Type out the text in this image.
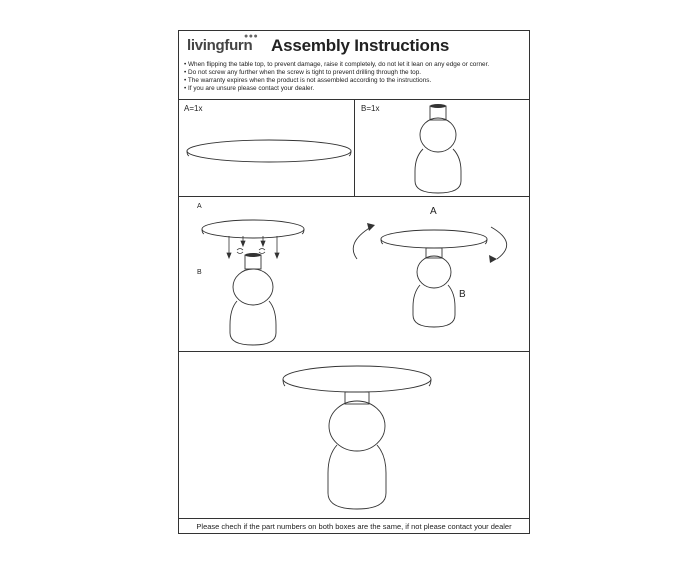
livingfurn
●●● Assembly Instructions
• When flipping the table top, to prevent damage, raise it completely, do not let it lean on any edge or corner.
• Do not screw any further when the screw is tight to prevent drilling through the top.
• The warranty expires when the product is not assembled according to the instructions.
• If you are unsure please contact your dealer.
A=1x	B=1x
A
B
A
B
Please chech if the part numbers on both boxes are the same, if not please contact your dealer
